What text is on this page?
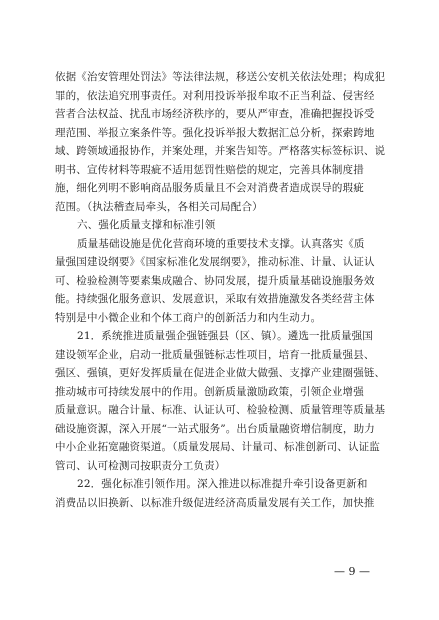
依据《治安管理处罚法》等法律法规，移送公安机关依法处理；构成犯
罪的，依法追究刑事责任。对利用投诉举报牟取不正当利益、侵害经
营者合法权益、扰乱市场经济秩序的，要从严审查，准确把握投诉受
理范围、举报立案条件等。强化投诉举报大数据汇总分析，探索跨地
域、跨领域通报协作，并案处理，并案告知等。严格落实标签标识、说
明书、宣传材料等瑕疵不适用惩罚性赔偿的规定，完善具体制度措
施，细化列明不影响商品服务质量且不会对消费者造成误导的瑕疵
范围。（执法稽查局牵头，各相关司局配合）
六、强化质量支撑和标准引领
质量基础设施是优化营商环境的重要技术支撑。认真落实《质
量强国建设纲要》《国家标准化发展纲要》，推动标准、计量、认证认
可、检验检测等要素集成融合、协同发展，提升质量基础设施服务效
能。持续强化服务意识、发展意识，采取有效措施激发各类经营主体
特别是中小微企业和个体工商户的创新活力和内生动力。
21．系统推进质量强企强链强县（区、镇）。遴选一批质量强国
建设领军企业，启动一批质量强链标志性项目，培育一批质量强县、
强区、强镇，更好发挥质量在促进企业做大做强、支撑产业建圈强链、
推动城市可持续发展中的作用。创新质量激励政策，引领企业增强
质量意识。融合计量、标准、认证认可、检验检测、质量管理等质量基
础设施资源，深入开展“一站式服务”。出台质量融资增信制度，助力
中小企业拓宽融资渠道。（质量发展局、计量司、标准创新司、认证监
管司、认可检测司按职责分工负责）
22．强化标准引领作用。深入推进以标准提升牵引设备更新和
消费品以旧换新、以标准升级促进经济高质量发展有关工作，加快推
— 9 —
